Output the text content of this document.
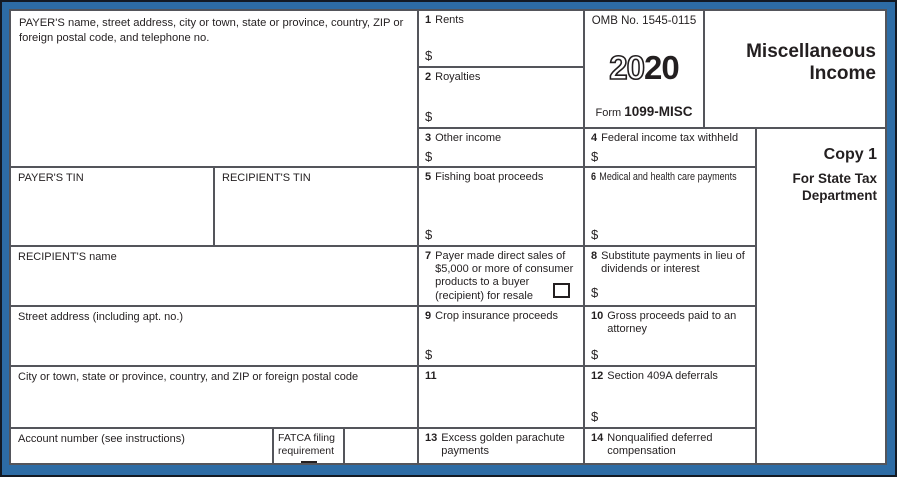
PAYER'S name, street address, city or town, state or province, country, ZIP or foreign postal code, and telephone no.
PAYER'S TIN	RECIPIENT'S TIN
RECIPIENT'S name
Street address (including apt. no.)
City or town, state or province, country, and ZIP or foreign postal code
Account number (see instructions)	FATCA filing requirement
1 Rents
$
2 Royalties
$
3 Other income
$
5 Fishing boat proceeds
$
7 Payer made direct sales of $5,000 or more of consumer products to a buyer (recipient) for resale
9 Crop insurance proceeds
$
11
13 Excess golden parachute payments
OMB No. 1545-0115
2020
Form 1099-MISC
4 Federal income tax withheld
$
6 Medical and health care payments
$
8 Substitute payments in lieu of dividends or interest
$
10 Gross proceeds paid to an attorney
$
12 Section 409A deferrals
$
14 Nonqualified deferred compensation
Miscellaneous Income
Copy 1
For State Tax Department
